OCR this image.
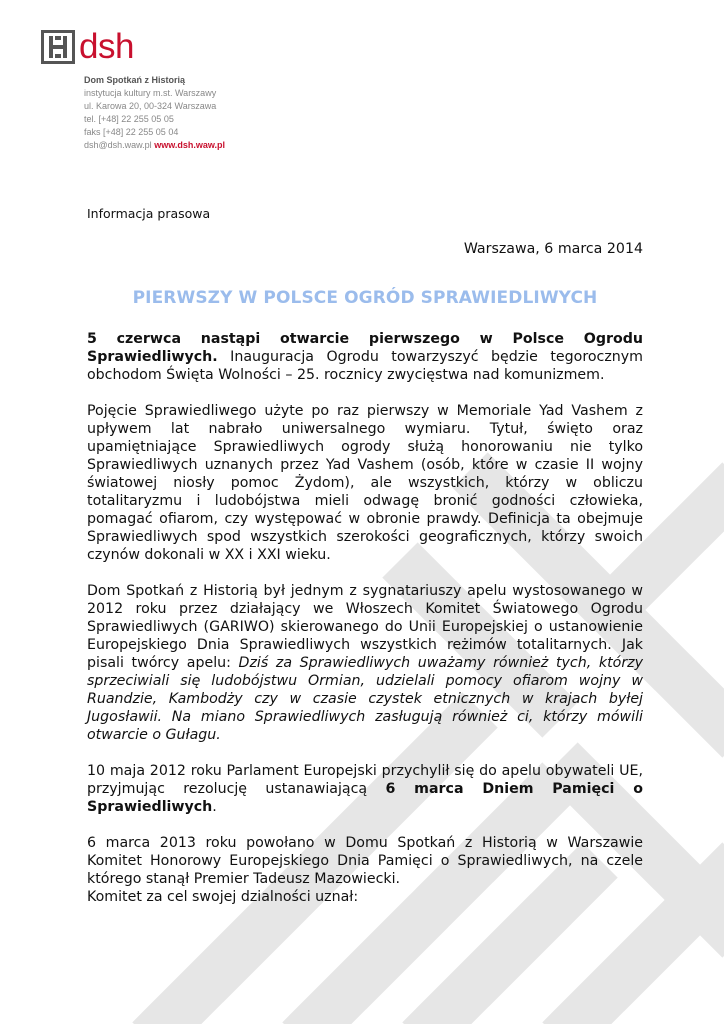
dsh
Dom Spotkań z Historią
instytucja kultury m.st. Warszawy
ul. Karowa 20, 00-324 Warszawa
tel. [+48] 22 255 05 05
faks [+48] 22 255 05 04
dsh@dsh.waw.pl www.dsh.waw.pl
Informacja prasowa
Warszawa, 6 marca 2014
PIERWSZY W POLSCE OGRÓD SPRAWIEDLIWYCH

5 czerwca nastąpi otwarcie pierwszego w Polsce Ogrodu Sprawiedliwych. Inauguracja Ogrodu towarzyszyć będzie tegorocznym obchodom Święta Wolności – 25. rocznicy zwycięstwa nad komunizmem.

Pojęcie Sprawiedliwego użyte po raz pierwszy w Memoriale Yad Vashem z upływem lat nabrało uniwersalnego wymiaru. Tytuł, święto oraz upamiętniające Sprawiedliwych ogrody służą honorowaniu nie tylko Sprawiedliwych uznanych przez Yad Vashem (osób, które w czasie II wojny światowej niosły pomoc Żydom), ale wszystkich, którzy w obliczu totalitaryzmu i ludobójstwa mieli odwagę bronić godności człowieka, pomagać ofiarom, czy występować w obronie prawdy. Definicja ta obejmuje Sprawiedliwych spod wszystkich szerokości geograficznych, którzy swoich czynów dokonali w XX i XXI wieku.

Dom Spotkań z Historią był jednym z sygnatariuszy apelu wystosowanego w 2012 roku przez działający we Włoszech Komitet Światowego Ogrodu Sprawiedliwych (GARIWO) skierowanego do Unii Europejskiej o ustanowienie Europejskiego Dnia Sprawiedliwych wszystkich reżimów totalitarnych. Jak pisali twórcy apelu: Dziś za Sprawiedliwych uważamy również tych, którzy sprzeciwiali się ludobójstwu Ormian, udzielali pomocy ofiarom wojny w Ruandzie, Kambodży czy w czasie czystek etnicznych w krajach byłej Jugosławii. Na miano Sprawiedliwych zasługują również ci, którzy mówili otwarcie o Gułagu.

10 maja 2012 roku Parlament Europejski przychylił się do apelu obywateli UE, przyjmując rezolucję ustanawiającą 6 marca Dniem Pamięci o Sprawiedliwych.

6 marca 2013 roku powołano w Domu Spotkań z Historią w Warszawie Komitet Honorowy Europejskiego Dnia Pamięci o Sprawiedliwych, na czele którego stanął Premier Tadeusz Mazowiecki.

Komitet za cel swojej dzialności uznał:
